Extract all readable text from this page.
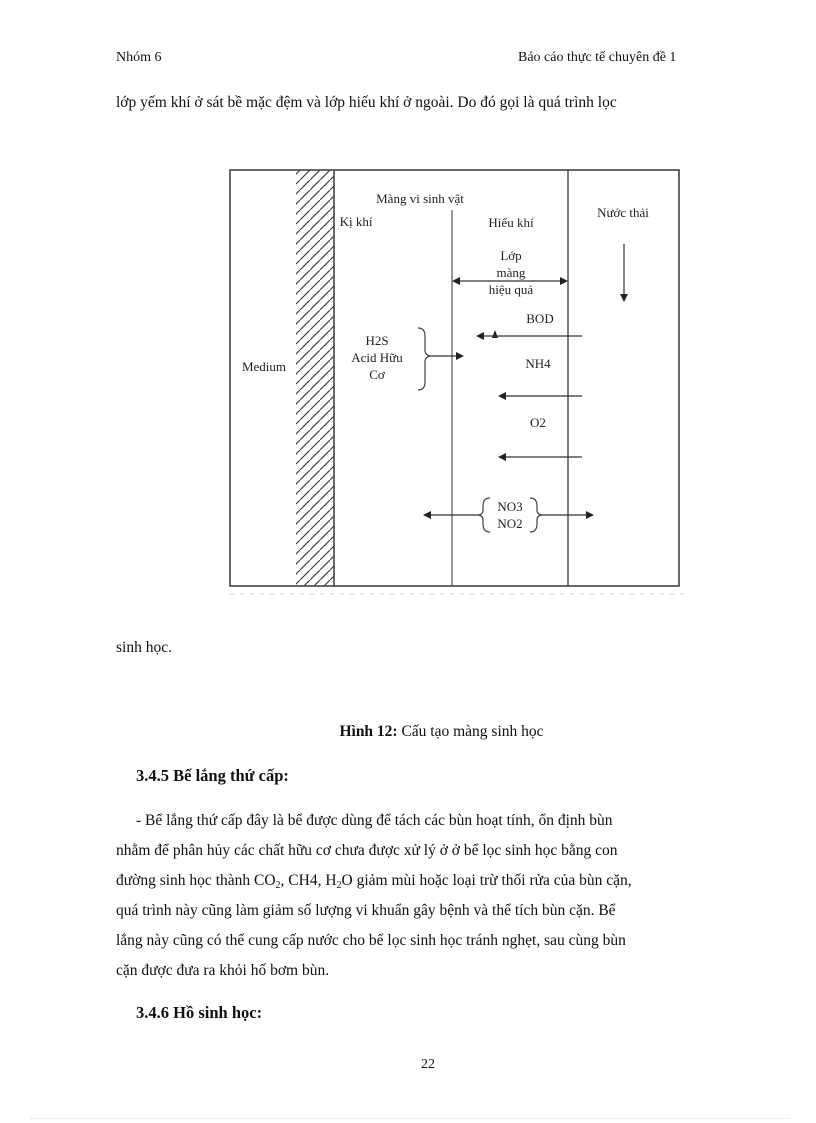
Nhóm 6	Báo cáo thực tế chuyên đề 1
lớp yếm khí ở sát bề mặc đệm và lớp hiếu khí ở ngoài. Do đó gọi là quá trình lọc
Medium
Màng vi sinh vật
Kị khí	Hiếu khí
Nước thải
Lớp
màng
hiệu quả
H2S
Acid Hữu
Cơ
BOD
NH4
O2
NO3
NO2
sinh học.
Hình 12: Cấu tạo màng sinh học
3.4.5 Bể lắng thứ cấp:
- Bể lắng thứ cấp đây là bể được dùng để tách các bùn hoạt tính, ổn định bùn
nhằm để phân hủy các chất hữu cơ chưa được xử lý ở ở bể lọc sinh học bằng con
đường sinh học thành $CO_2$, CH4, $H_2O$ giảm mùi hoặc loại trừ thối rửa của bùn cặn,
quá trình này cũng làm giảm số lượng vi khuẩn gây bệnh và thể tích bùn cặn. Bể
lắng này cũng có thể cung cấp nước cho bể lọc sinh học tránh nghẹt, sau cùng bùn
cặn được đưa ra khỏi hố bơm bùn.
3.4.6 Hồ sinh học:
22
